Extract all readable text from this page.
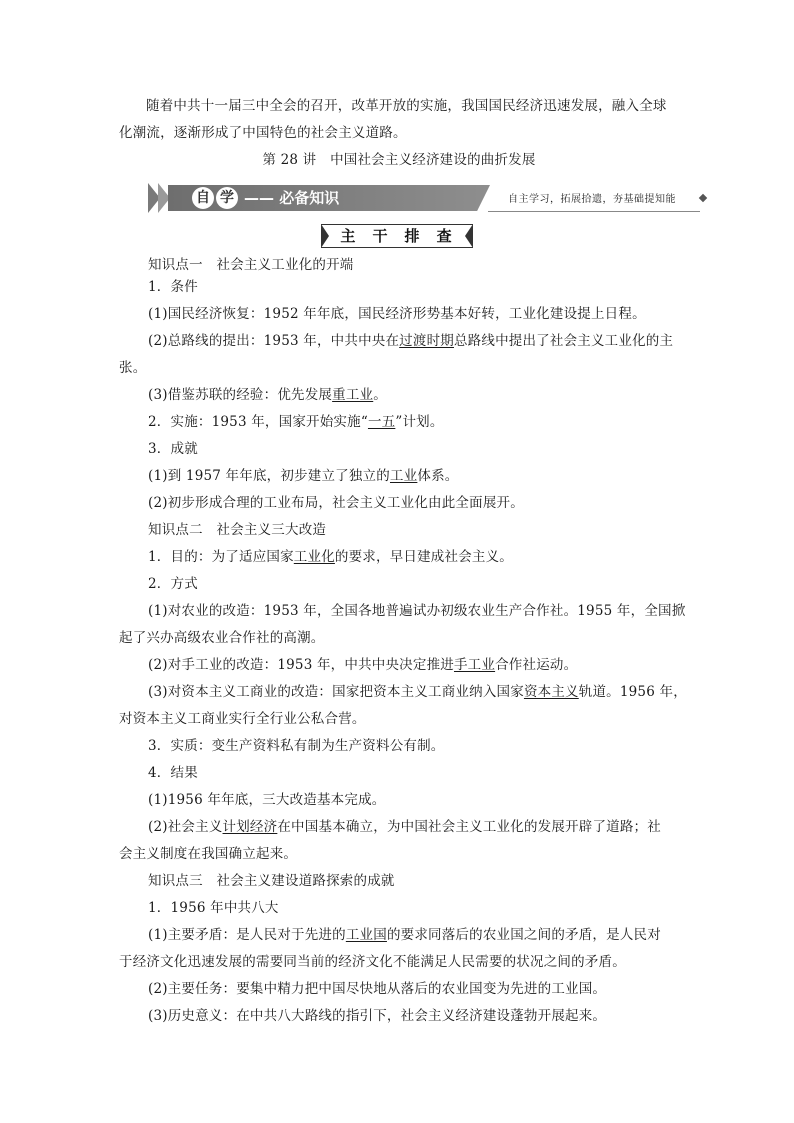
随着中共十一届三中全会的召开，改革开放的实施，我国国民经济迅速发展，融入全球

化潮流，逐渐形成了中国特色的社会主义道路。

第 28 讲　中国社会主义经济建设的曲折发展

自 学 —— 必备知识	自主学习，拓展拾遗，夯基础提知能
主 干 排 查

知识点一　社会主义工业化的开端

1．条件

(1)国民经济恢复：1952 年年底，国民经济形势基本好转，工业化建设提上日程。

(2)总路线的提出：1953 年，中共中央在过渡时期总路线中提出了社会主义工业化的主

张。

(3)借鉴苏联的经验：优先发展重工业。

2．实施：1953 年，国家开始实施“一五”计划。

3．成就

(1)到 1957 年年底，初步建立了独立的工业体系。

(2)初步形成合理的工业布局，社会主义工业化由此全面展开。

知识点二　社会主义三大改造

1．目的：为了适应国家工业化的要求，早日建成社会主义。

2．方式

(1)对农业的改造：1953 年，全国各地普遍试办初级农业生产合作社。1955 年，全国掀

起了兴办高级农业合作社的高潮。

(2)对手工业的改造：1953 年，中共中央决定推进手工业合作社运动。

(3)对资本主义工商业的改造：国家把资本主义工商业纳入国家资本主义轨道。1956 年，

对资本主义工商业实行全行业公私合营。

3．实质：变生产资料私有制为生产资料公有制。

4．结果

(1)1956 年年底，三大改造基本完成。

(2)社会主义计划经济在中国基本确立，为中国社会主义工业化的发展开辟了道路；社

会主义制度在我国确立起来。

知识点三　社会主义建设道路探索的成就

1．1956 年中共八大

(1)主要矛盾：是人民对于先进的工业国的要求同落后的农业国之间的矛盾，是人民对

于经济文化迅速发展的需要同当前的经济文化不能满足人民需要的状况之间的矛盾。

(2)主要任务：要集中精力把中国尽快地从落后的农业国变为先进的工业国。

(3)历史意义：在中共八大路线的指引下，社会主义经济建设蓬勃开展起来。
